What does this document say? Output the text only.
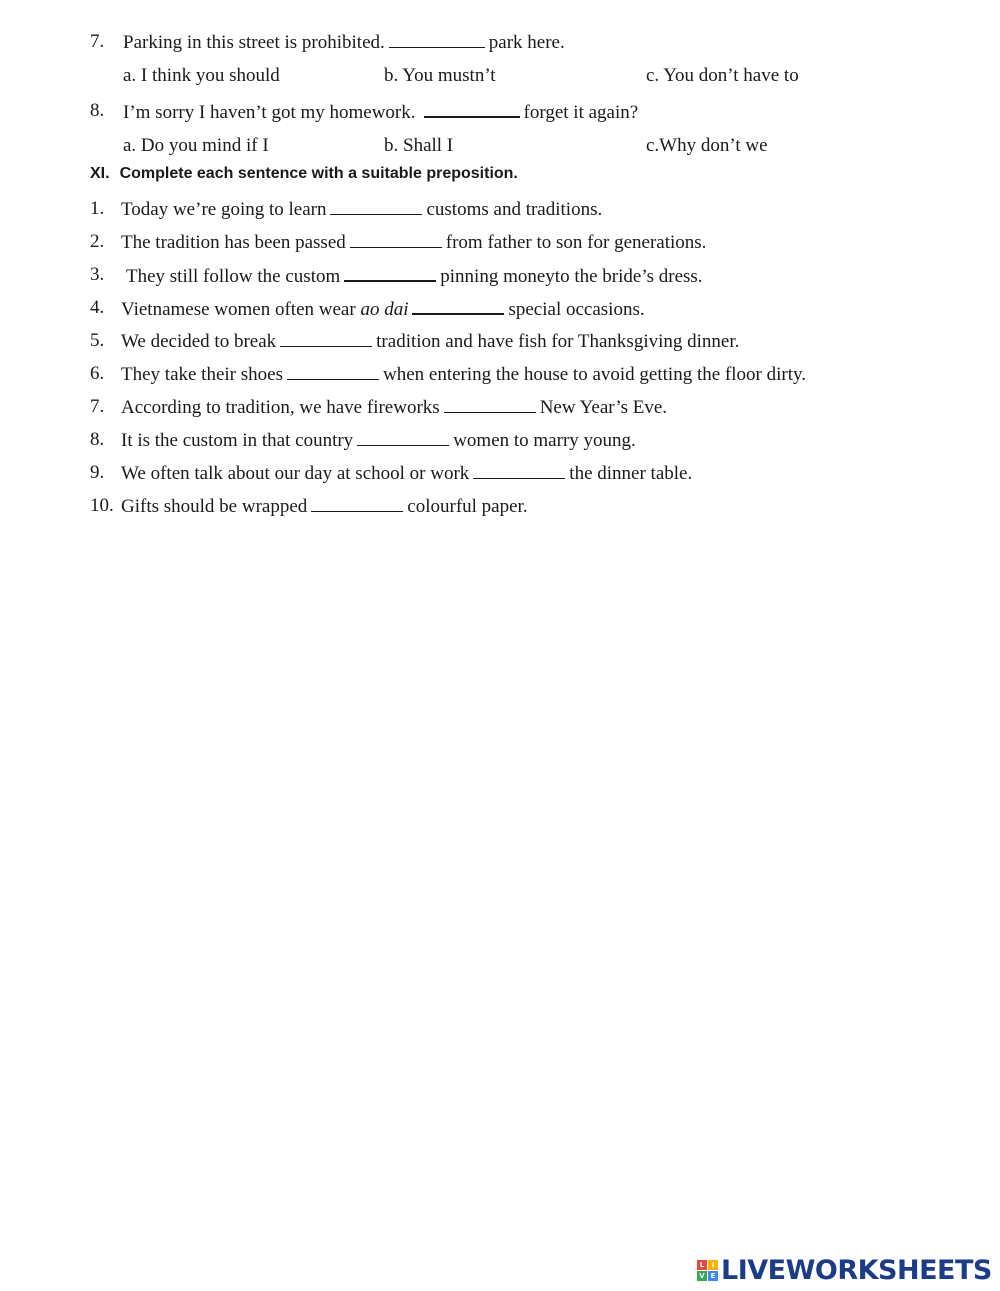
7. Parking in this street is prohibited.	park here.
a. I think you should	b. You mustn’t	c. You don’t have to
8. I’m sorry I haven’t got my homework.	forget it again?
a. Do you mind if I	b. Shall I	c.Why don’t we
XI. Complete each sentence with a suitable preposition.
1. Today we’re going to learn	customs and traditions.
2. The tradition has been passed	from father to son for generations.
3. They still follow the custom	pinning moneyto the bride’s dress.
4. Vietnamese women often wear ao dai	special occasions.
5. We decided to break	tradition and have fish for Thanksgiving dinner.
6. They take their shoes	when entering the house to avoid getting the floor dirty.
7. According to tradition, we have fireworks	New Year’s Eve.
8. It is the custom in that country	women to marry young.
9. We often talk about our day at school or work	the dinner table.
10. Gifts should be wrapped	colourful paper.
L	I
V E LIVEWORKSHEETS
